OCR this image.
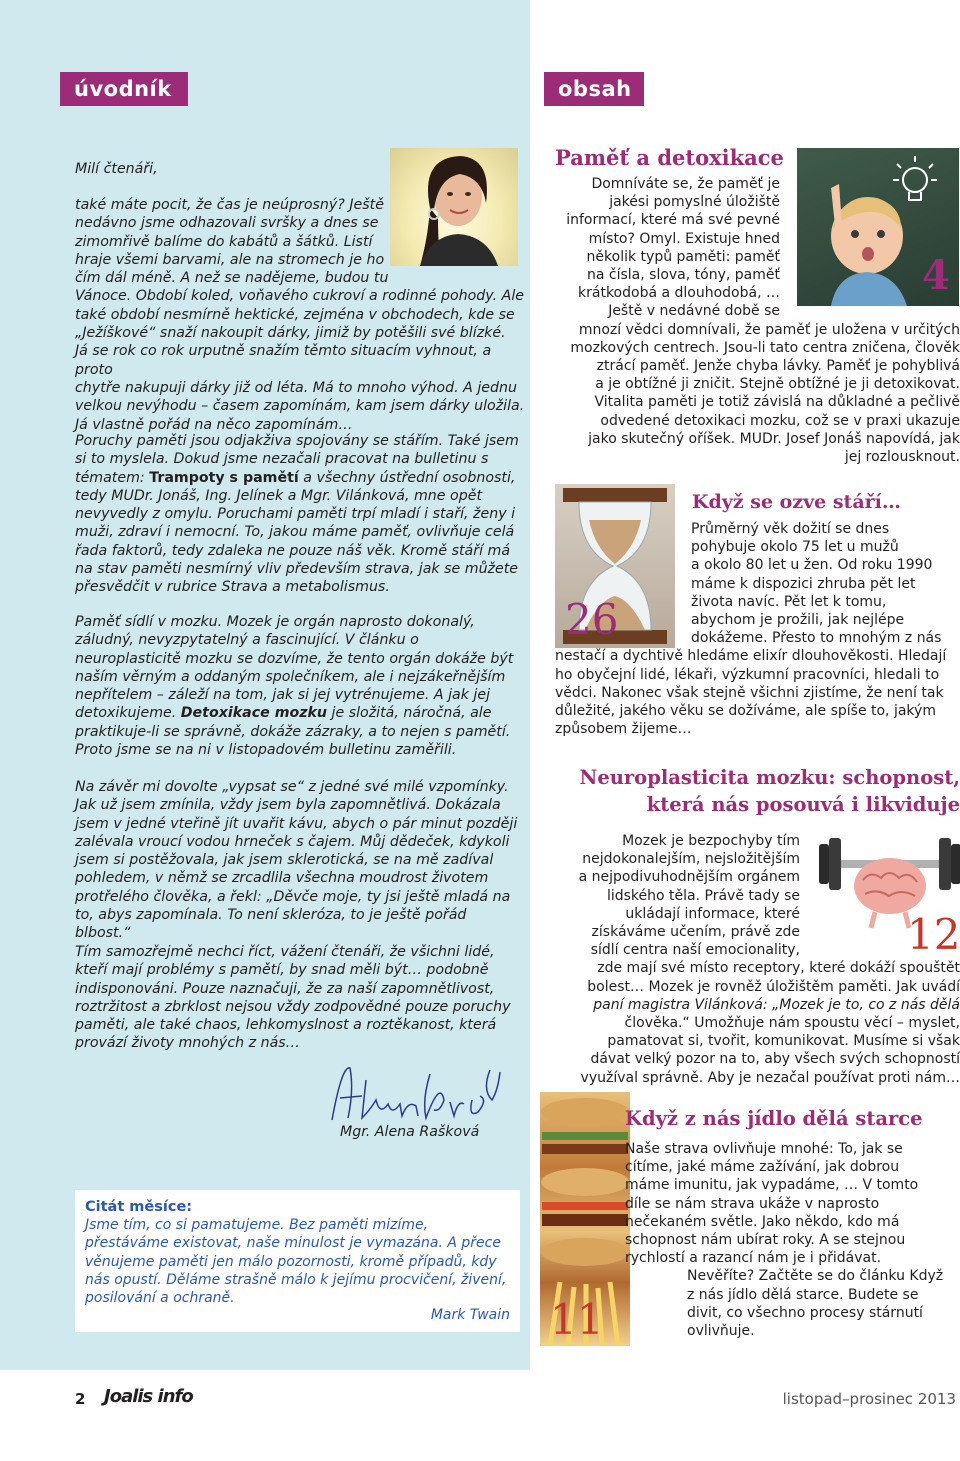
úvodník	obsah
Milí čtenáři,

také máte pocit, že čas je neúprosný? Ještě

nedávno jsme odhazovali svršky a dnes se

zimomřivě balíme do kabátů a šátků. Listí

hraje všemi barvami, ale na stromech je ho

čím dál méně. A než se nadějeme, budou tu

Vánoce. Období koled, voňavého cukroví a rodinné pohody. Ale

také období nesmírně hektické, zejména v obchodech, kde se

„Ježíškové“ snaží nakoupit dárky, jimiž by potěšili své blízké.

Já se rok co rok urputně snažím těmto situacím vyhnout, a proto

chytře nakupuji dárky již od léta. Má to mnoho výhod. A jednu

velkou nevýhodu – časem zapomínám, kam jsem dárky uložila.

Já vlastně pořád na něco zapomínám…

Poruchy paměti jsou odjakživa spojovány se stářím. Také jsem si to myslela. Dokud jsme nezačali pracovat na bulletinu s tématem: Trampoty s pamětí a všechny ústřední osobnosti, tedy MUDr. Jonáš, Ing. Jelínek a Mgr. Vilánková, mne opět nevyvedly z omylu. Poruchami paměti trpí mladí i staří, ženy i muži, zdraví i nemocní. To, jakou máme paměť, ovlivňuje celá řada faktorů, tedy zdaleka ne pouze náš věk. Kromě stáří má na stav paměti nesmírný vliv především strava, jak se můžete přesvědčit v rubrice Strava a metabolismus.
Paměť sídlí v mozku. Mozek je orgán naprosto dokonalý, záludný, nevyzpytatelný a fascinující. V článku o neuroplasticitě mozku se dozvíme, že tento orgán dokáže být naším věrným a oddaným společníkem, ale i nejzákeřnějším nepřítelem – záleží na tom, jak si jej vytrénujeme. A jak jej detoxikujeme. Detoxikace mozku je složitá, náročná, ale praktikuje-li se správně, dokáže zázraky, a to nejen s pamětí. Proto jsme se na ni v listopadovém bulletinu zaměřili.
Na závěr mi dovolte „vypsat se“ z jedné své milé vzpomínky. Jak už jsem zmínila, vždy jsem byla zapomnětlivá. Dokázala jsem v jedné vteřině jít uvařit kávu, abych o pár minut později zalévala vroucí vodou hrneček s čajem. Můj dědeček, kdykoli jsem si postěžovala, jak jsem sklerotická, se na mě zadíval pohledem, v němž se zrcadlila všechna moudrost životem protřelého člověka, a řekl: „Děvče moje, ty jsi ještě mladá na to, abys zapomínala. To není skleróza, to je ještě pořád blbost.“
Tím samozřejmě nechci říct, vážení čtenáři, že všichni lidé, kteří mají problémy s pamětí, by snad měli být… podobně indisponováni. Pouze naznačuji, že za naší zapomnětlivost, roztržitost a zbrklost nejsou vždy zodpovědné pouze poruchy paměti, ale také chaos, lehkomyslnost a roztěkanost, která provází životy mnohých z nás…
Mgr. Alena Rašková
Citát měsíce:
Jsme tím, co si pamatujeme. Bez paměti mizíme, přestáváme existovat, naše minulost je vymazána. A přece věnujeme paměti jen málo pozornosti, kromě případů, kdy nás opustí. Děláme strašně málo k jejímu procvičení, živení, posilování a ochraně.
Mark Twain
Paměť a detoxikace
4
Domníváte se, že paměť je
jakési pomyslné úložiště
informací, které má své pevné
místo? Omyl. Existuje hned
několik typů paměti: paměť
na čísla, slova, tóny, paměť
krátkodobá a dlouhodobá, …
Ještě v nedávné době se
mnozí vědci domnívali, že paměť je uložena v určitých
mozkových centrech. Jsou-li tato centra zničena, člověk
ztrácí paměť. Jenže chyba lávky. Paměť je pohyblivá
a je obtížné ji zničit. Stejně obtížné je ji detoxikovat.
Vitalita paměti je totiž závislá na důkladné a pečlivě
odvedené detoxikaci mozku, což se v praxi ukazuje
jako skutečný oříšek. MUDr. Josef Jonáš napovídá, jak
jej rozlousknout.
26
Když se ozve stáří…
Průměrný věk dožití se dnes
pohybuje okolo 75 let u mužů
a okolo 80 let u žen. Od roku 1990
máme k dispozici zhruba pět let
života navíc. Pět let k tomu,
abychom je prožili, jak nejlépe
dokážeme. Přesto to mnohým z nás
nestačí a dychtivě hledáme elixír dlouhověkosti. Hledají
ho obyčejní lidé, lékaři, výzkumní pracovníci, hledali to
vědci. Nakonec však stejně všichni zjistíme, že není tak
důležité, jakého věku se dožíváme, ale spíše to, jakým
způsobem žijeme…
Neuroplasticita mozku: schopnost,
která nás posouvá i likviduje
12
Mozek je bezpochyby tím
nejdokonalejším, nejsložitějším
a nejpodivuhodnějším orgánem
lidského těla. Právě tady se
ukládají informace, které
získáváme učením, právě zde
sídlí centra naší emocionality,
zde mají své místo receptory, které dokáží spouštět
bolest… Mozek je rovněž úložištěm paměti. Jak uvádí
paní magistra Vilánková: „Mozek je to, co z nás dělá
člověka.“ Umožňuje nám spoustu věcí – myslet,
pamatovat si, tvořit, komunikovat. Musíme si však
dávat velký pozor na to, aby všech svých schopností
využíval správně. Aby je nezačal používat proti nám…
11
Když z nás jídlo dělá starce
Naše strava ovlivňuje mnohé: To, jak se
cítíme, jaké máme zažívání, jak dobrou
máme imunitu, jak vypadáme, … V tomto
díle se nám strava ukáže v naprosto
nečekaném světle. Jako někdo, kdo má
schopnost nám ubírat roky. A se stejnou
rychlostí a razancí nám je i přidávat.
Nevěříte? Začtěte se do článku Když
z nás jídlo dělá starce. Budete se
divit, co všechno procesy stárnutí
ovlivňuje.
2 Joalis info	listopad–prosinec 2013
